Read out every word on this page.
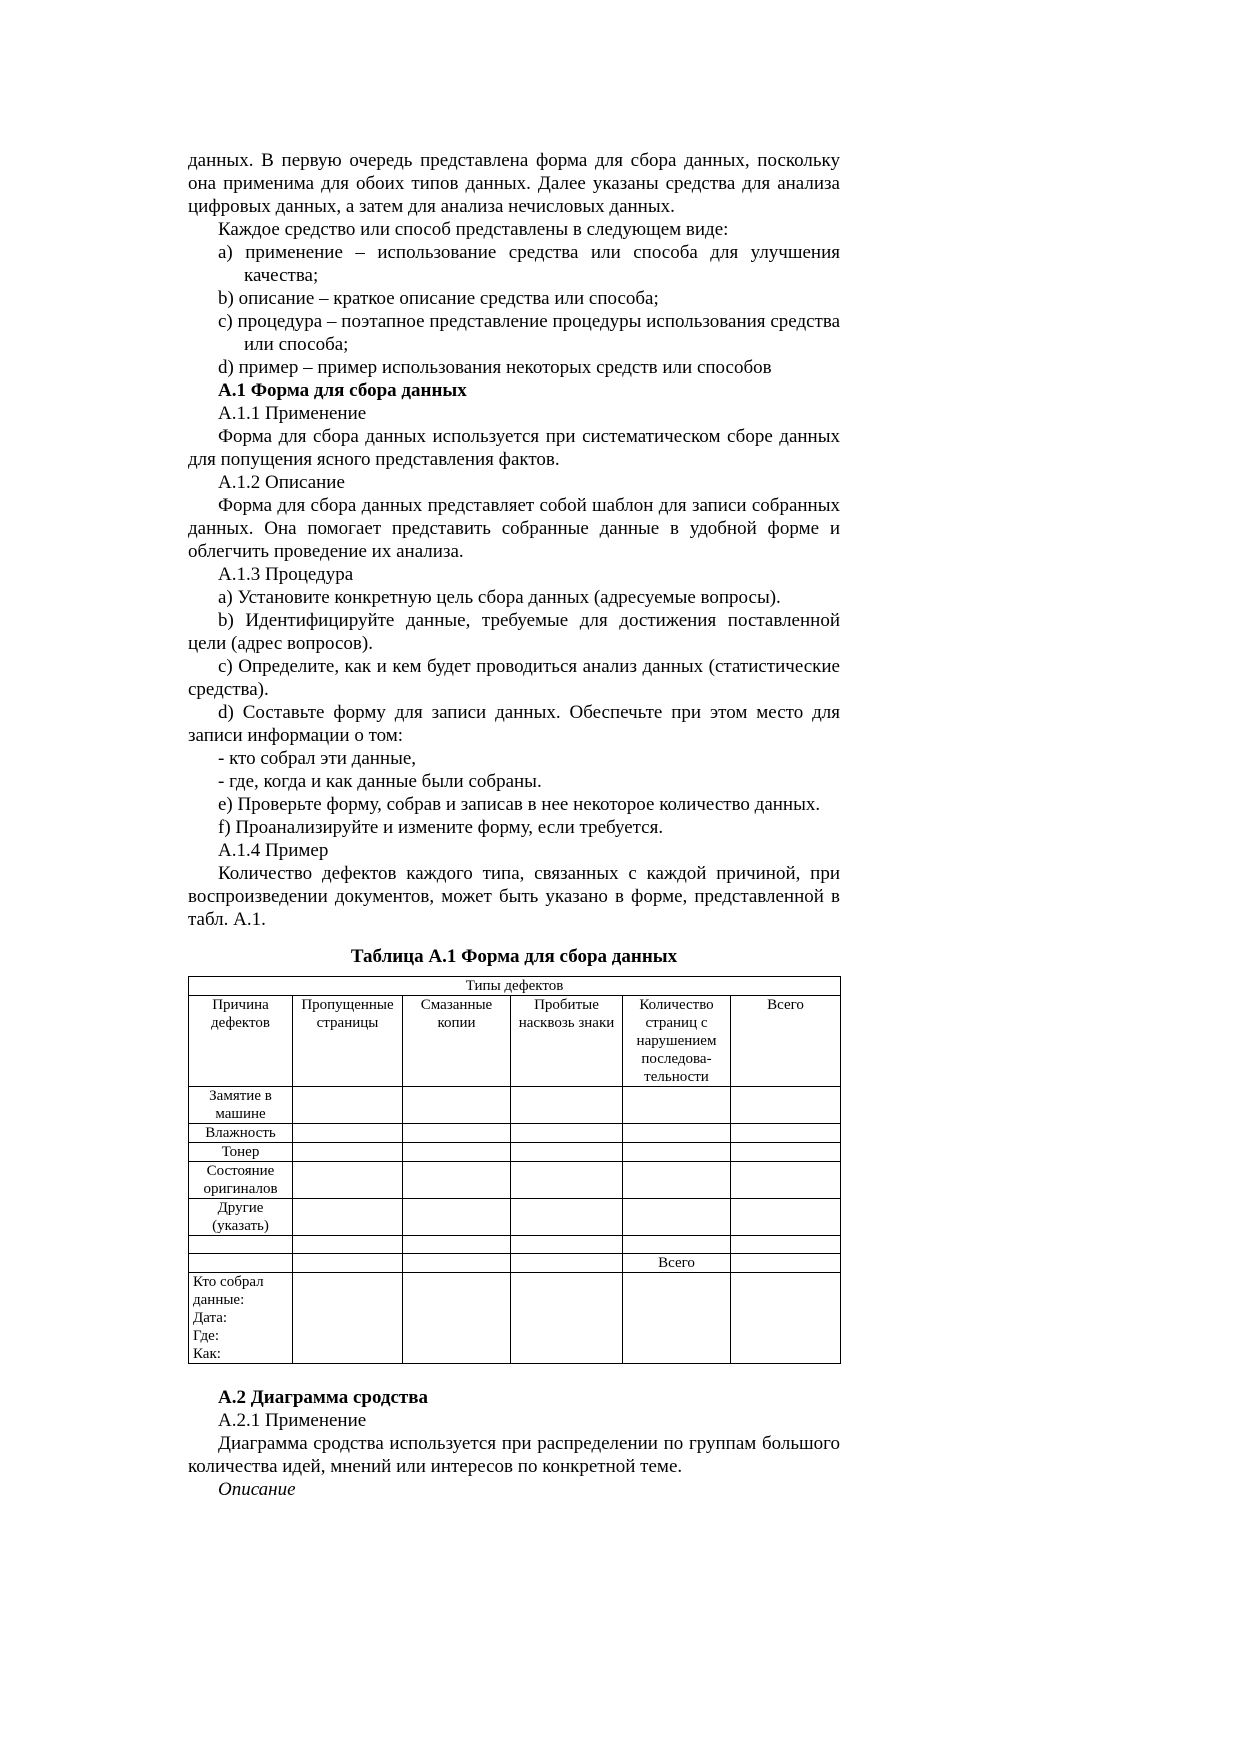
данных. В первую очередь представлена форма для сбора данных, поскольку она применима для обоих типов данных. Далее указаны средства для анализа цифровых данных, а затем для анализа нечисловых данных.

Каждое средство или способ представлены в следующем виде:

a) применение – использование средства или способа для улучшения качества;

b) описание – краткое описание средства или способа;

c) процедура – поэтапное представление процедуры использования средства или способа;

d) пример – пример использования некоторых средств или способов

А.1 Форма для сбора данных

А.1.1 Применение

Форма для сбора данных используется при систематическом сборе данных для попущения ясного представления фактов.

А.1.2 Описание

Форма для сбора данных представляет собой шаблон для записи собранных данных. Она помогает представить собранные данные в удобной форме и облегчить проведение их анализа.

А.1.3 Процедура

a) Установите конкретную цель сбора данных (адресуемые вопросы).

b) Идентифицируйте данные, требуемые для достижения поставленной цели (адрес вопросов).

c) Определите, как и кем будет проводиться анализ данных (статистические средства).

d) Составьте форму для записи данных. Обеспечьте при этом место для записи информации о том:

- кто собрал эти данные,

- где, когда и как данные были собраны.

e) Проверьте форму, собрав и записав в нее некоторое количество данных.

f) Проанализируйте и измените форму, если требуется.

А.1.4 Пример

Количество дефектов каждого типа, связанных с каждой причиной, при воспроизведении документов, может быть указано в форме, представленной в табл. А.1.

Таблица А.1 Форма для сбора данных

Типы дефектов					
Причина дефектов	Пропущенные страницы	Смазанные копии	Пробитые насквозь знаки	Количество страниц с нарушением последова-тельности	Всего
Замятие в машине					
Влажность					
Тонер					
Состояние оригиналов					
Другие (указать)					

				Всего	

Кто собрал данные:
Дата:
Где:
Как:					

А.2 Диаграмма сродства

А.2.1 Применение

Диаграмма сродства используется при распределении по группам большого количества идей, мнений или интересов по конкретной теме.

Описание
